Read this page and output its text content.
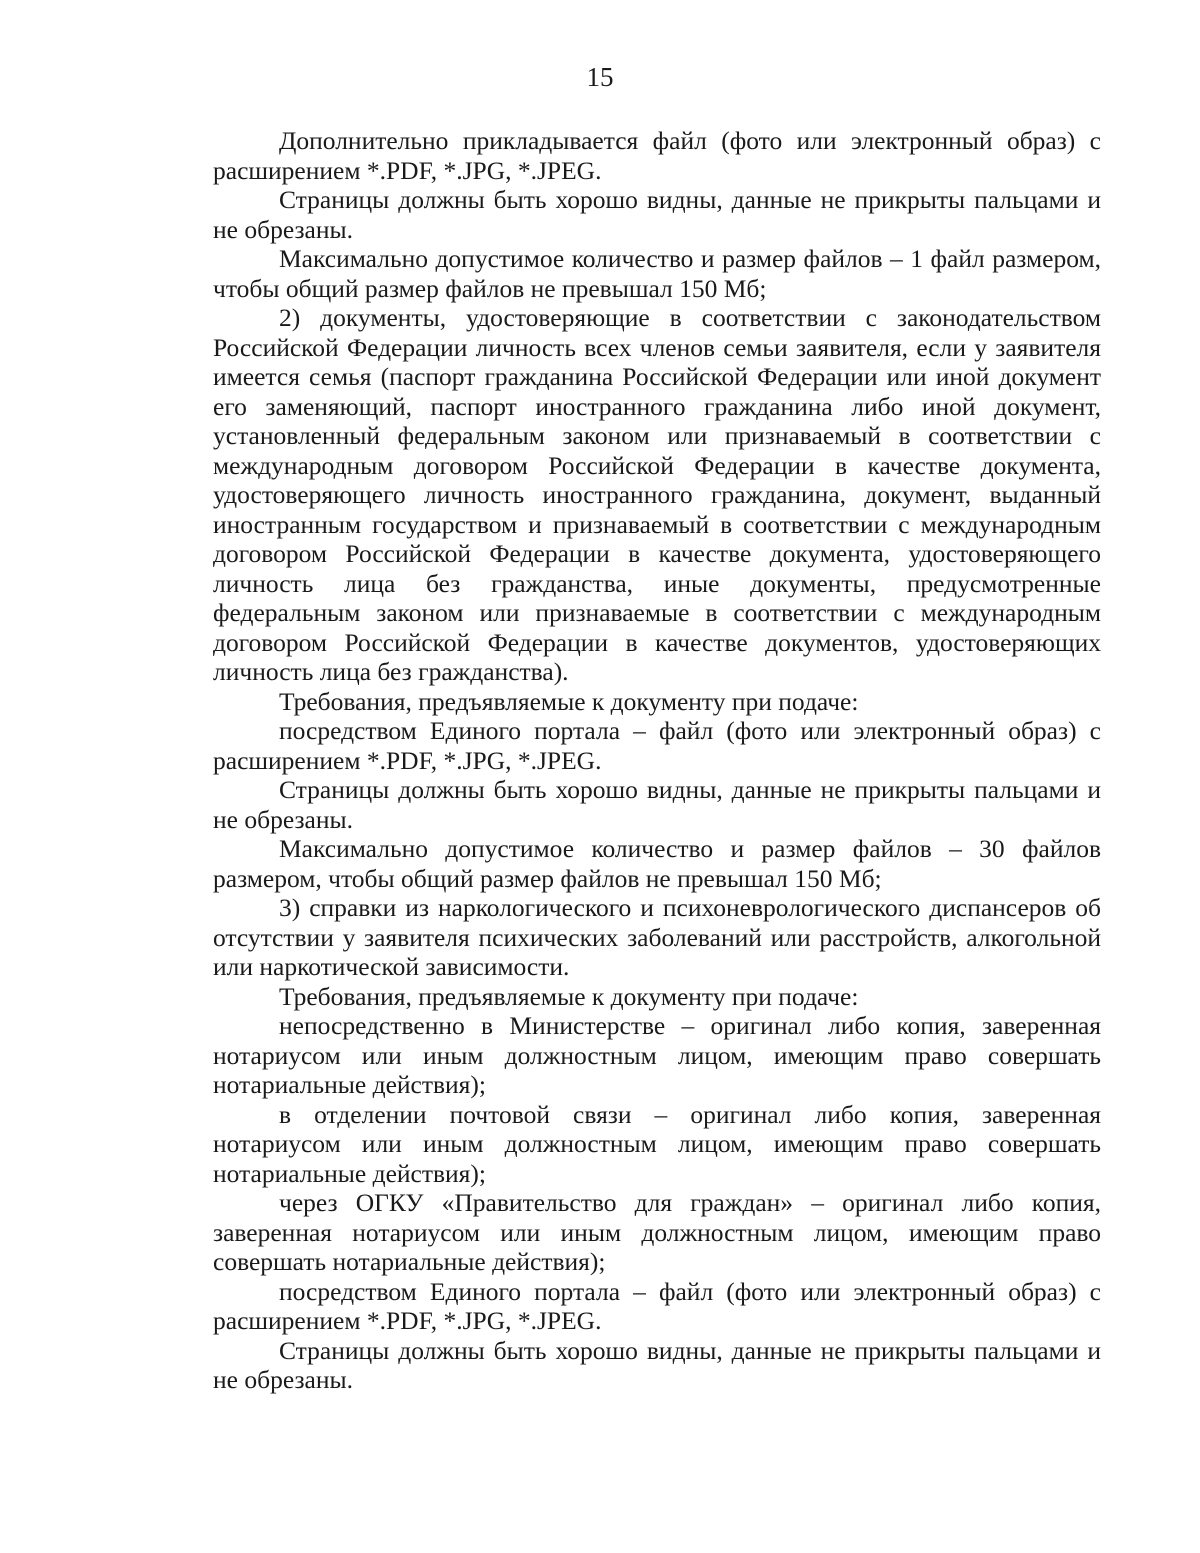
15

Дополнительно прикладывается файл (фото или электронный образ) с расширением *.PDF, *.JPG, *.JPEG.

Страницы должны быть хорошо видны, данные не прикрыты пальцами и не обрезаны.

Максимально допустимое количество и размер файлов – 1 файл размером, чтобы общий размер файлов не превышал 150 Мб;

2) документы, удостоверяющие в соответствии с законодательством Российской Федерации личность всех членов семьи заявителя, если у заявителя имеется семья (паспорт гражданина Российской Федерации или иной документ его заменяющий, паспорт иностранного гражданина либо иной документ, установленный федеральным законом или признаваемый в соответствии с международным договором Российской Федерации в качестве документа, удостоверяющего личность иностранного гражданина, документ, выданный иностранным государством и признаваемый в соответствии с международным договором Российской Федерации в качестве документа, удостоверяющего личность лица без гражданства, иные документы, предусмотренные федеральным законом или признаваемые в соответствии с международным договором Российской Федерации в качестве документов, удостоверяющих личность лица без гражданства).

Требования, предъявляемые к документу при подаче:

посредством Единого портала – файл (фото или электронный образ) с расширением *.PDF, *.JPG, *.JPEG.

Страницы должны быть хорошо видны, данные не прикрыты пальцами и не обрезаны.

Максимально допустимое количество и размер файлов – 30 файлов размером, чтобы общий размер файлов не превышал 150 Мб;

3) справки из наркологического и психоневрологического диспансеров об отсутствии у заявителя психических заболеваний или расстройств, алкогольной или наркотической зависимости.

Требования, предъявляемые к документу при подаче:

непосредственно в Министерстве – оригинал либо копия, заверенная нотариусом или иным должностным лицом, имеющим право совершать нотариальные действия);

в отделении почтовой связи – оригинал либо копия, заверенная нотариусом или иным должностным лицом, имеющим право совершать нотариальные действия);

через ОГКУ «Правительство для граждан» – оригинал либо копия, заверенная нотариусом или иным должностным лицом, имеющим право совершать нотариальные действия);

посредством Единого портала – файл (фото или электронный образ) с расширением *.PDF, *.JPG, *.JPEG.

Страницы должны быть хорошо видны, данные не прикрыты пальцами и не обрезаны.
